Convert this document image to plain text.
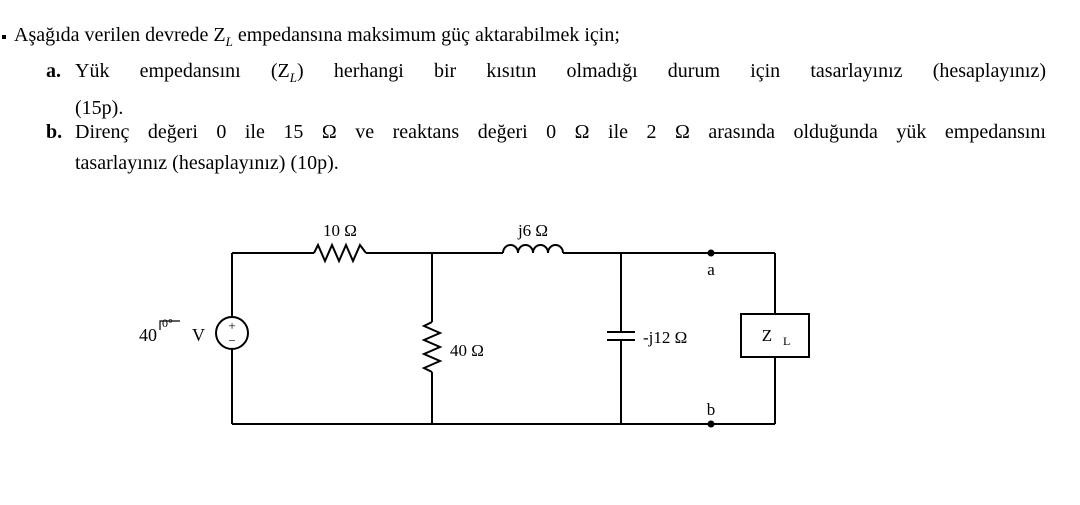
Aşağıda verilen devrede $Z_L$ empedansına maksimum güç aktarabilmek için;
a. Yük empedansını $(Z_L)$ herhangi bir kısıtın olmadığı durum için tasarlayınız (hesaplayınız)
(15p).
b. Direnç değeri 0 ile 15 Ω ve reaktans değeri 0 Ω ile 2 Ω arasında olduğunda yük empedansını
tasarlayınız (hesaplayınız) (10p).
+
−
40
0°
V
10 Ω	j6 Ω
40 Ω
-j12 Ω
a
b
Z L
